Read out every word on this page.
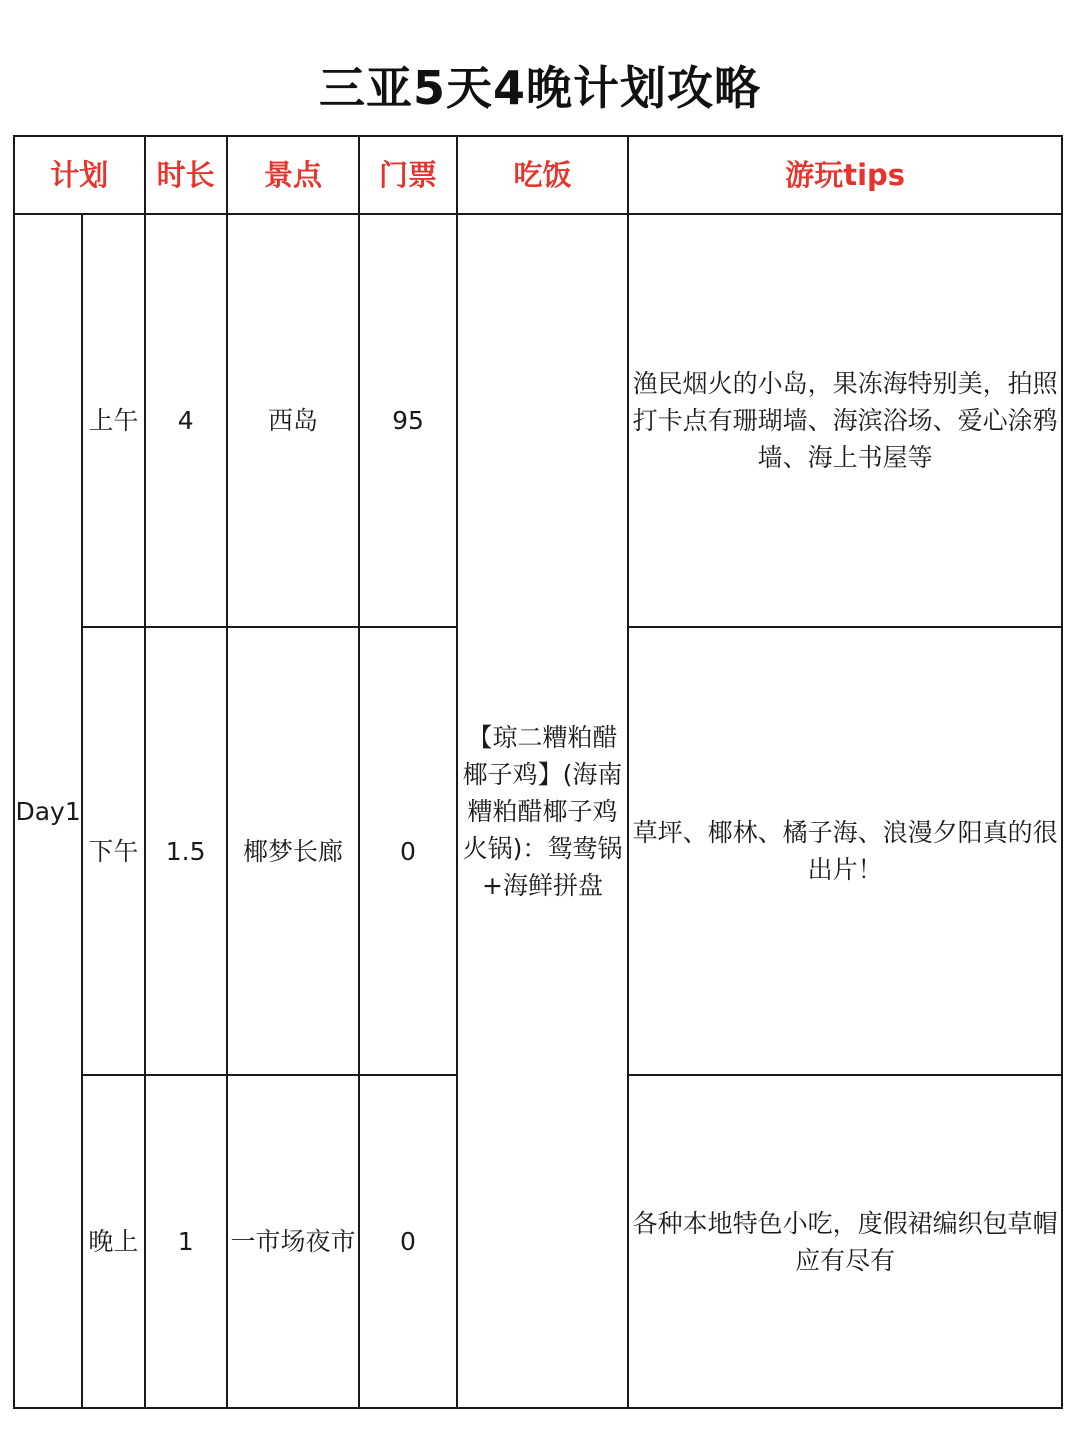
三亚5天4晚计划攻略
计划		时长	景点	门票	吃饭	游玩tips
Day1	上午	4	西岛	95	【琼二糟粕醋椰子鸡】(海南糟粕醋椰子鸡火锅)：鸳鸯锅+海鲜拼盘	渔民烟火的小岛，果冻海特别美，拍照打卡点有珊瑚墙、海滨浴场、爱心涂鸦墙、海上书屋等
	下午	1.5	椰梦长廊	0		草坪、椰林、橘子海、浪漫夕阳真的很出片！
	晚上	1	一市场夜市	0		各种本地特色小吃，度假裙编织包草帽应有尽有
